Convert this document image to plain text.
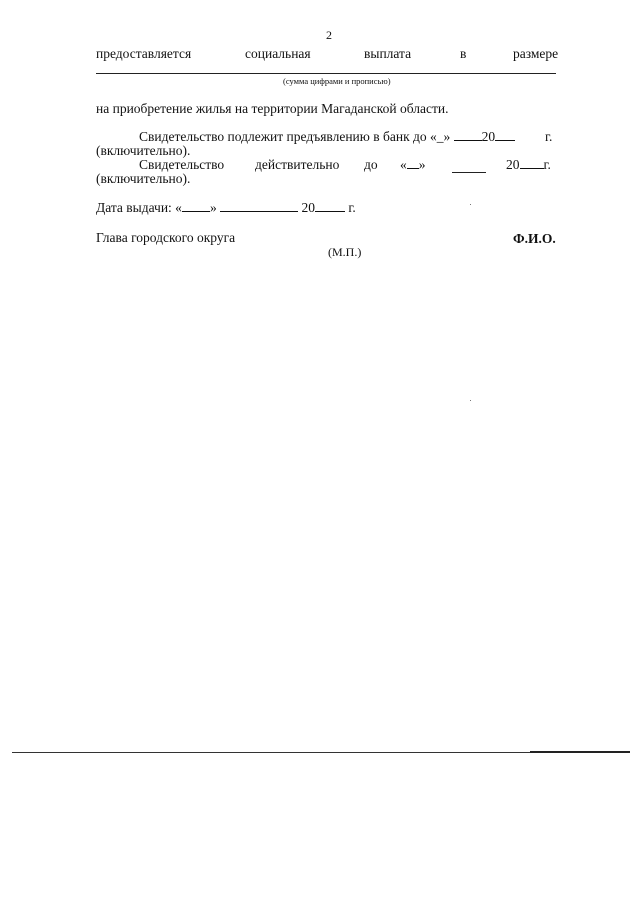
2
предоставляется	социальная	выплата	в	размере
(сумма цифрами и прописью)
на приобретение жилья на территории Магаданской области.
Свидетельство подлежит предъявлению в банк до «_» 20	г.
(включительно).
Свидетельство действительно до « »	20 г.
(включительно).
Дата выдачи: « »	20 г.
Глава городского округа	Ф.И.О.
(М.П.)
